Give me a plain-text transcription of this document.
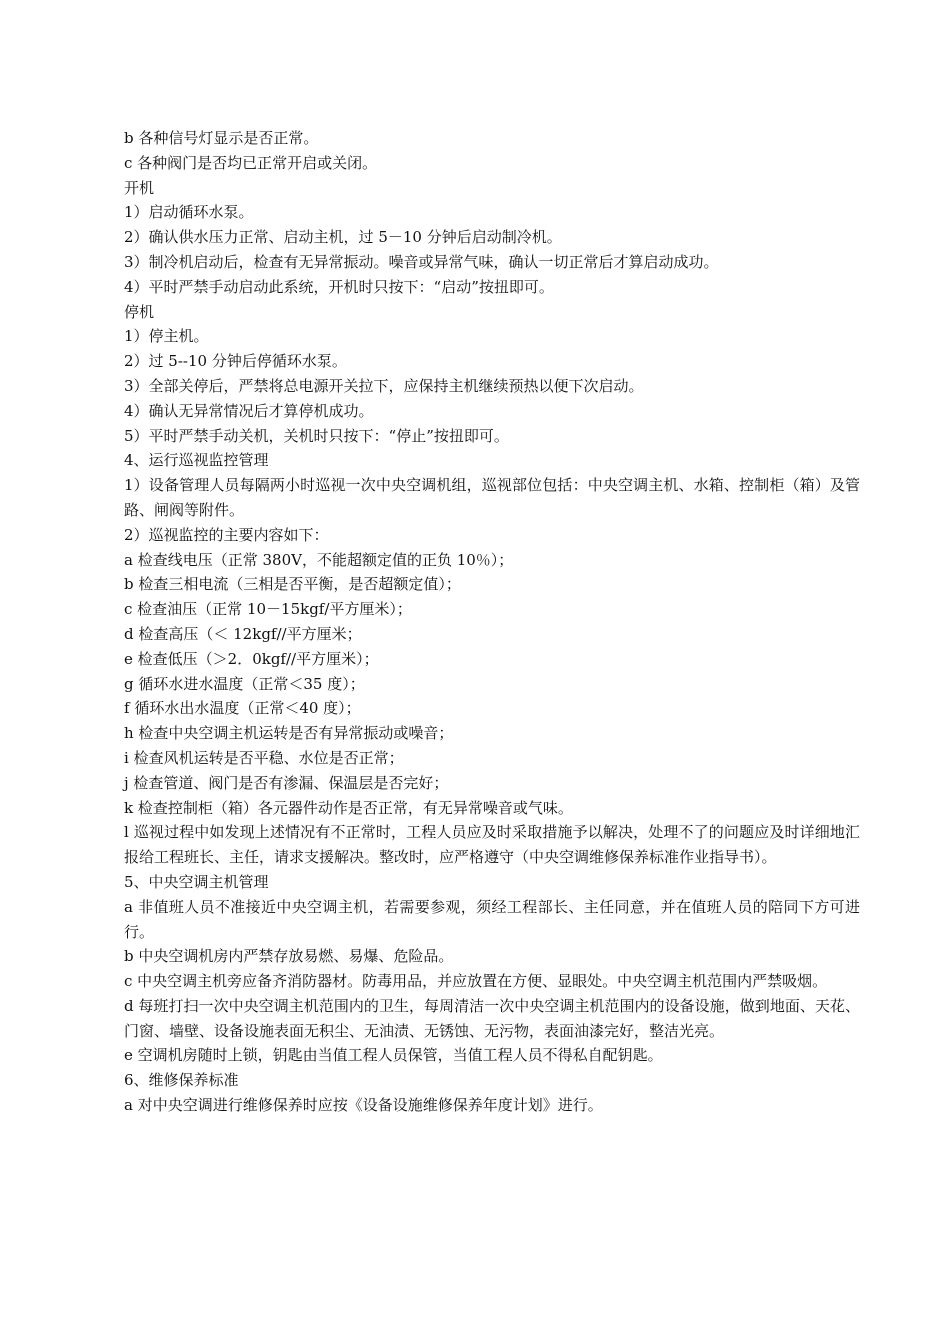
b 各种信号灯显示是否正常。
c 各种阀门是否均已正常开启或关闭。
开机
1）启动循环水泵。
2）确认供水压力正常、启动主机，过 5－10 分钟后启动制冷机。
3）制冷机启动后，检查有无异常振动。噪音或异常气味，确认一切正常后才算启动成功。
4）平时严禁手动启动此系统，开机时只按下：“启动”按扭即可。
停机
1）停主机。
2）过 5--10 分钟后停循环水泵。
3）全部关停后，严禁将总电源开关拉下，应保持主机继续预热以便下次启动。
4）确认无异常情况后才算停机成功。
5）平时严禁手动关机，关机时只按下：“停止”按扭即可。
4、运行巡视监控管理

1）设备管理人员每隔两小时巡视一次中央空调机组，巡视部位包括：中央空调主机、水箱、控制柜（箱）及管路、闸阀等附件。

2）巡视监控的主要内容如下：
a 检查线电压（正常 380V，不能超额定值的正负 10％）；
b 检查三相电流（三相是否平衡，是否超额定值）；
c 检查油压（正常 10－15kgf/平方厘米）；
d 检查高压（＜ 12kgf//平方厘米；
e 检查低压（＞2．0kgf//平方厘米）；
g 循环水进水温度（正常＜35 度）；
f 循环水出水温度（正常＜40 度）；
h 检查中央空调主机运转是否有异常振动或噪音；
i 检查风机运转是否平稳、水位是否正常；
j 检查管道、阀门是否有渗漏、保温层是否完好；
k 检查控制柜（箱）各元器件动作是否正常，有无异常噪音或气味。

l 巡视过程中如发现上述情况有不正常时，工程人员应及时采取措施予以解决，处理不了的问题应及时详细地汇报给工程班长、主任，请求支援解决。整改时，应严格遵守（中央空调维修保养标准作业指导书）。

5、中央空调主机管理

a 非值班人员不准接近中央空调主机，若需要参观，须经工程部长、主任同意，并在值班人员的陪同下方可进行。

b 中央空调机房内严禁存放易燃、易爆、危险品。

c 中央空调主机旁应备齐消防器材。防毒用品，并应放置在方便、显眼处。中央空调主机范围内严禁吸烟。

d 每班打扫一次中央空调主机范围内的卫生，每周清洁一次中央空调主机范围内的设备设施，做到地面、天花、门窗、墙壁、设备设施表面无积尘、无油渍、无锈蚀、无污物，表面油漆完好，整洁光亮。

e 空调机房随时上锁，钥匙由当值工程人员保管，当值工程人员不得私自配钥匙。
6、维修保养标准
a 对中央空调进行维修保养时应按《设备设施维修保养年度计划》进行。
